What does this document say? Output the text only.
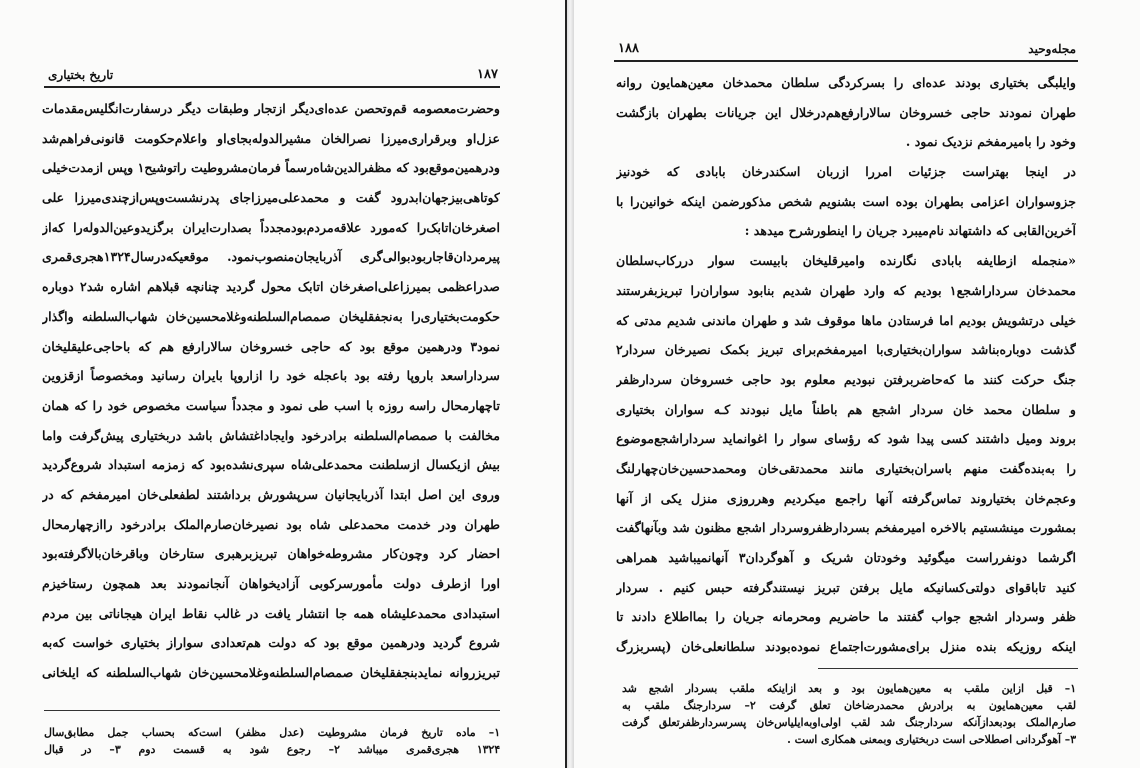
تاریخ بختیاری	۱۸۷
وحضرت‌معصومه قم‌وتحصن عده‌ای‌دیگر ازتجار وطبقات دیگر درسفارت‌انگلیس‌مقدمات
عزل‌او وبرقراری‌میرزا نصرالخان مشیرالدوله‌بجای‌او واعلام‌حکومت قانونی‌فراهم‌شد
ودرهمین‌موقع‌بود که مظفرالدین‌شاه‌رسماً فرمان‌مشروطیت راتوشیح۱ وپس ازمدت‌خیلی
کوتاهی‌بیزجهان‌ابدرود گفت و محمدعلی‌میرزا‌جای پدرنشست‌وپس‌ازچندی‌میرزا علی
اصغرخان‌اتابک‌را که‌مورد علاقه‌مردم‌بود‌مجدداً بصدارت‌ایران برگزید‌وعین‌الدوله‌را که‌از
پیر‌مردان‌قاجار‌بود‌بوالی‌گری آذربایجان‌منصوب‌نمود. موقعیکه‌در‌سال۱۳۲۴هجری‌قمری
صدراعظمی بمیرزاعلی‌اصغرخان اتابک محول گردید چنانچه قبلاهم اشاره شد۲ دوباره
حکومت‌بختیاری‌را به‌نجفقلیخان صمصام‌السلطنه‌وغلامحسین‌خان شهاب‌السلطنه واگذار
نمود۳ ودرهمین موقع بود که حاجی خسروخان سالارارفع هم که باحاجی‌علیقلیخان
سرداراسعد باروپا رفته بود باعجله خود را ازاروپا بایران رسانید ومخصوصاً ازقزوین
تاچهارمحال راسه روزه با اسب طی نمود و مجدداً سیاست مخصوص خود را که همان
مخالفت با صمصام‌السلطنه برادرخود وایجاداغتشاش باشد دربختیاری پیش‌گرفت واما
بیش ازیکسال ازسلطنت محمدعلی‌شاه سپری‌نشده‌بود که زمزمه استبداد شروع‌گردید
وروی این اصل ابتدا آذربایجانیان سرپشورش برداشتند لطفعلی‌خان امیرمفخم که در
طهران ودر خدمت محمدعلی شاه بود نصیرخان‌صارم‌الملک برادرخود راازچهارمحال
احضار کرد وچون‌کار مشروطه‌خواهان تبریز‌برهبری ستارخان وباقرخان‌بالاگرفته‌بود
اورا ازطرف دولت مأمورسرکوبی آزادیخواهان آنجانمودند بعد همچون رستاخیزم
استبدادی محمدعلیشاه همه جا انتشار یافت در غالب نقاط ایران هیجاناتی بین مردم
شروع گردید ودرهمین موقع بود که دولت هم‌تعدادی سواراز بختیاری خواست که‌به
تبریزروانه نماید‌بنجفقلیخان صمصام‌السلطنه‌وغلامحسین‌خان شهاب‌السلطنه که ایلخانی
۱– ماده تاریخ فرمان مشروطیت (عدل مظفر) است‌که بحساب جمل مطابق‌سال
۱۳۲۴ هجری‌قمری میباشد ۲– رجوع شود به قسمت دوم ۳– در قبال
مجله‌وحید
۱۸۸
وایلبگی بختیاری بودند عده‌ای را بسرکردگی سلطان محمدخان معین‌همایون روانه
طهران نمودند حاجی خسروخان سالارارفع‌هم‌درخلال این جریانات بطهران بازگشت
وخود را بامیرمفخم نزدیک نمود .
در اینجا بهتراست جزئیات امررا ازربان اسکندرخان بابادی که خودنیز
جزوسواران اعزامی بطهران بوده است بشنویم شخص مذکورضمن اینکه خوانین‌را با
آخرین‌القابی که داشتهاند نام‌میبرد جریان را اینطورشرح میدهد :
«منجمله ازطایفه بابادی نگارنده وامیرقلیخان بابیست سوار درر‌کاب‌سلطان
محمدخان سرداراشجع۱ بودیم که وارد طهران شدیم بنابود سواران‌را تبریز‌بفرستند
خیلی درتشویش بودیم اما فرستادن ماها موقوف شد و طهران ماندنی شدیم مدتی که
گذشت دوباره‌بنا‌شد سواران‌بختیاری‌با امیرمفخم‌برای تبریز بکمک نصیرخان سردار۲
جنگ حرکت کنند ما که‌حاضربرفتن نبودیم معلوم بود حاجی خسروخان سردارظفر
و سلطان محمد خان سردار اشجع هم باطناً مایل نبودند کـه سواران بختیاری
بروند ومیل داشتند کسی پیدا شود که رؤسای سوار را اغوانماید سرداراشجع‌موضوع
را به‌بنده‌گفت منهم باسران‌بختیاری مانند محمدتقی‌خان ومحمدحسین‌خان‌چهارلنگ
وعجم‌خان بختیاروند تماس‌گرفته آنها راجمع میکردیم وهرروزی منزل یکی از آنها
بمشورت مینشستیم بالاخره امیرمفخم بسردارظفروسردار اشجع مظنون شد وبآنها‌گفت
اگرشما دونفرراست میگوئید وخودتان شریک و آهوگردان۳ آنها‌نمیباشید همراهی
کنید تاباقوای دولتی‌کسانیکه مایل برفتن تبریز نیستندگرفته حبس کنیم . سردار
ظفر وسردار اشجع جواب گفتند ما حاضریم ومحرمانه جریان را بمااطلاع دادند تا
اینکه روزیکه بنده منزل برای‌مشورت‌اجتماع نموده‌بودند سلطانعلی‌خان (پسربزرگ
۱– قبل ازاین ملقب به معین‌همایون بود و بعد ازاینکه ملقب بسردار اشجع شد
لقب معین‌همایون به برادرش محمدرضاخان تعلق گرفت ۲– سردارجنگ ملقب به
صارم‌الملک بودبعدازآنکه سردارجنگ شد لقب اولی‌اوبه‌ایلیاس‌خان پسرسردارظفرتعلق گرفت
۳– آهوگردانی اصطلاحی است دربختیاری وبمعنی همکاری است .
